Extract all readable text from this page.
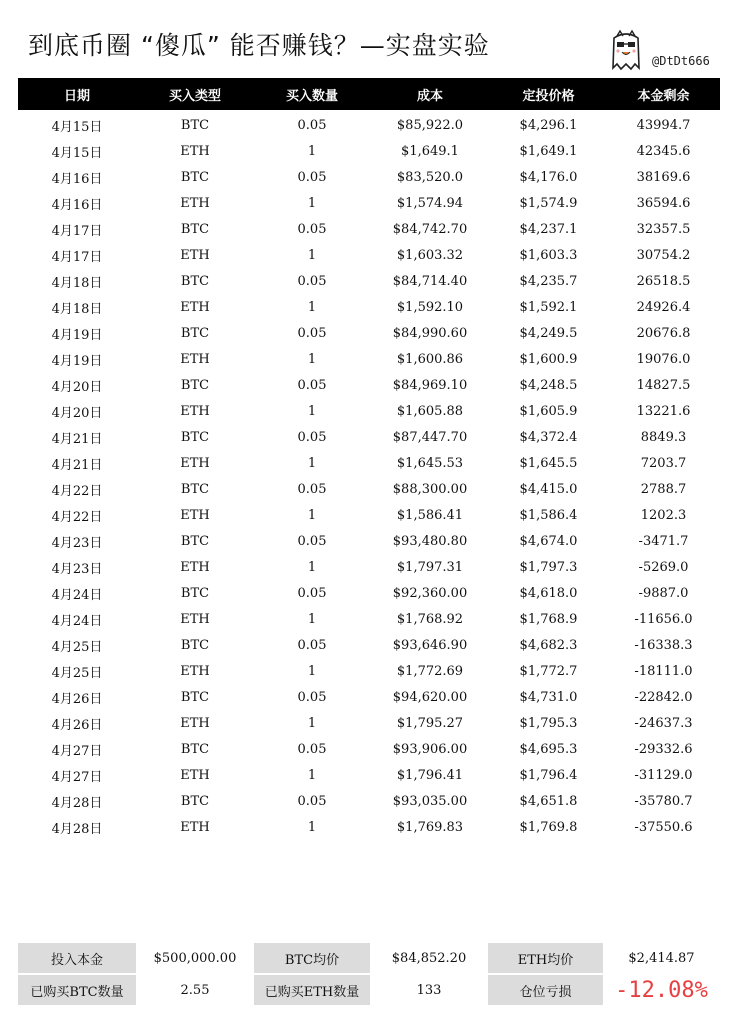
到底币圈 “傻瓜” 能否赚钱？—实盘实验
@DtDt666
日期	买入类型	买入数量	成本	定投价格	本金剩余
4月15日	BTC	0.05	$85,922.0	$4,296.1	43994.7
4月15日	ETH	1	$1,649.1	$1,649.1	42345.6
4月16日	BTC	0.05	$83,520.0	$4,176.0	38169.6
4月16日	ETH	1	$1,574.94	$1,574.9	36594.6
4月17日	BTC	0.05	$84,742.70	$4,237.1	32357.5
4月17日	ETH	1	$1,603.32	$1,603.3	30754.2
4月18日	BTC	0.05	$84,714.40	$4,235.7	26518.5
4月18日	ETH	1	$1,592.10	$1,592.1	24926.4
4月19日	BTC	0.05	$84,990.60	$4,249.5	20676.8
4月19日	ETH	1	$1,600.86	$1,600.9	19076.0
4月20日	BTC	0.05	$84,969.10	$4,248.5	14827.5
4月20日	ETH	1	$1,605.88	$1,605.9	13221.6
4月21日	BTC	0.05	$87,447.70	$4,372.4	8849.3
4月21日	ETH	1	$1,645.53	$1,645.5	7203.7
4月22日	BTC	0.05	$88,300.00	$4,415.0	2788.7
4月22日	ETH	1	$1,586.41	$1,586.4	1202.3
4月23日	BTC	0.05	$93,480.80	$4,674.0	-3471.7
4月23日	ETH	1	$1,797.31	$1,797.3	-5269.0
4月24日	BTC	0.05	$92,360.00	$4,618.0	-9887.0
4月24日	ETH	1	$1,768.92	$1,768.9	-11656.0
4月25日	BTC	0.05	$93,646.90	$4,682.3	-16338.3
4月25日	ETH	1	$1,772.69	$1,772.7	-18111.0
4月26日	BTC	0.05	$94,620.00	$4,731.0	-22842.0
4月26日	ETH	1	$1,795.27	$1,795.3	-24637.3
4月27日	BTC	0.05	$93,906.00	$4,695.3	-29332.6
4月27日	ETH	1	$1,796.41	$1,796.4	-31129.0
4月28日	BTC	0.05	$93,035.00	$4,651.8	-35780.7
4月28日	ETH	1	$1,769.83	$1,769.8	-37550.6
投入本金	$500,000.00	BTC均价	$84,852.20	ETH均价	$2,414.87
已购买BTC数量	2.55	已购买ETH数量	133	仓位亏损	-12.08%
